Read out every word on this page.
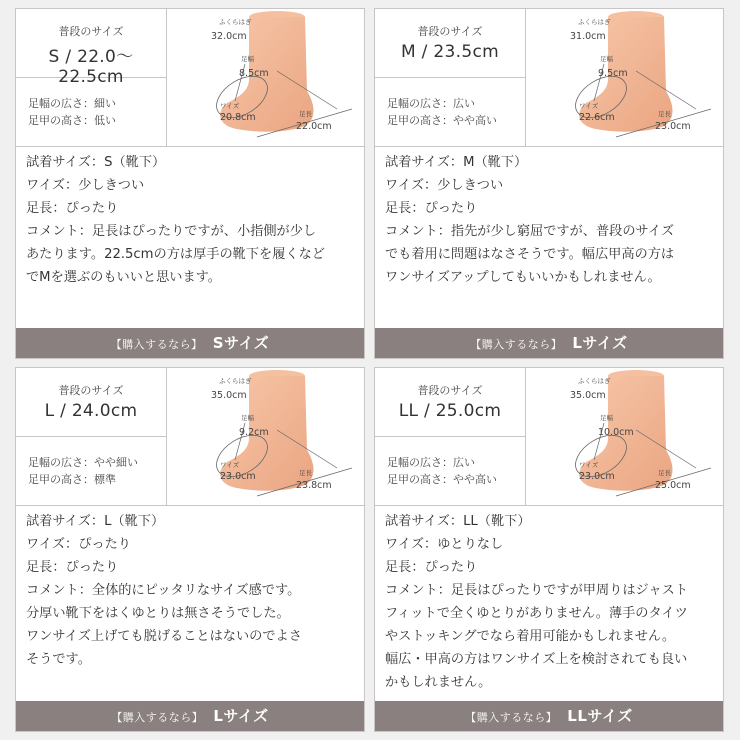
普段のサイズ
S / 22.0〜22.5cm
足幅の広さ：細い
足甲の高さ：低い
ふくらはぎ
32.0cm
足幅
8.5cm
ワイズ
20.8cm	足長
22.0cm
試着サイズ：S（靴下）
ワイズ：少しきつい
足長：ぴったり
コメント：足長はぴったりですが、小指側が少し
あたります。22.5cmの方は厚手の靴下を履くなど
でMを選ぶのもいいと思います。
【購入するなら】 Sサイズ
普段のサイズ
M / 23.5cm
足幅の広さ：広い
足甲の高さ：やや高い
ふくらはぎ
31.0cm
足幅
9.5cm
ワイズ
22.6cm	足長
23.0cm
試着サイズ：M（靴下）
ワイズ：少しきつい
足長：ぴったり
コメント：指先が少し窮屈ですが、普段のサイズ
でも着用に問題はなさそうです。幅広甲高の方は
ワンサイズアップしてもいいかもしれません。
【購入するなら】 Lサイズ
普段のサイズ
L / 24.0cm
足幅の広さ：やや細い
足甲の高さ：標準
ふくらはぎ
35.0cm
足幅
9.2cm
ワイズ
23.0cm	足長
23.8cm
試着サイズ：L（靴下）
ワイズ：ぴったり
足長：ぴったり
コメント：全体的にピッタリなサイズ感です。
分厚い靴下をはくゆとりは無さそうでした。
ワンサイズ上げても脱げることはないのでよさ
そうです。
【購入するなら】 Lサイズ
普段のサイズ
LL / 25.0cm
足幅の広さ：広い
足甲の高さ：やや高い
ふくらはぎ
35.0cm
足幅
10.0cm
ワイズ
23.0cm	足長
25.0cm
試着サイズ：LL（靴下）
ワイズ：ゆとりなし
足長：ぴったり
コメント：足長はぴったりですが甲周りはジャスト
フィットで全くゆとりがありません。薄手のタイツ
やストッキングでなら着用可能かもしれません。
幅広・甲高の方はワンサイズ上を検討されても良い
かもしれません。
【購入するなら】 LLサイズ
